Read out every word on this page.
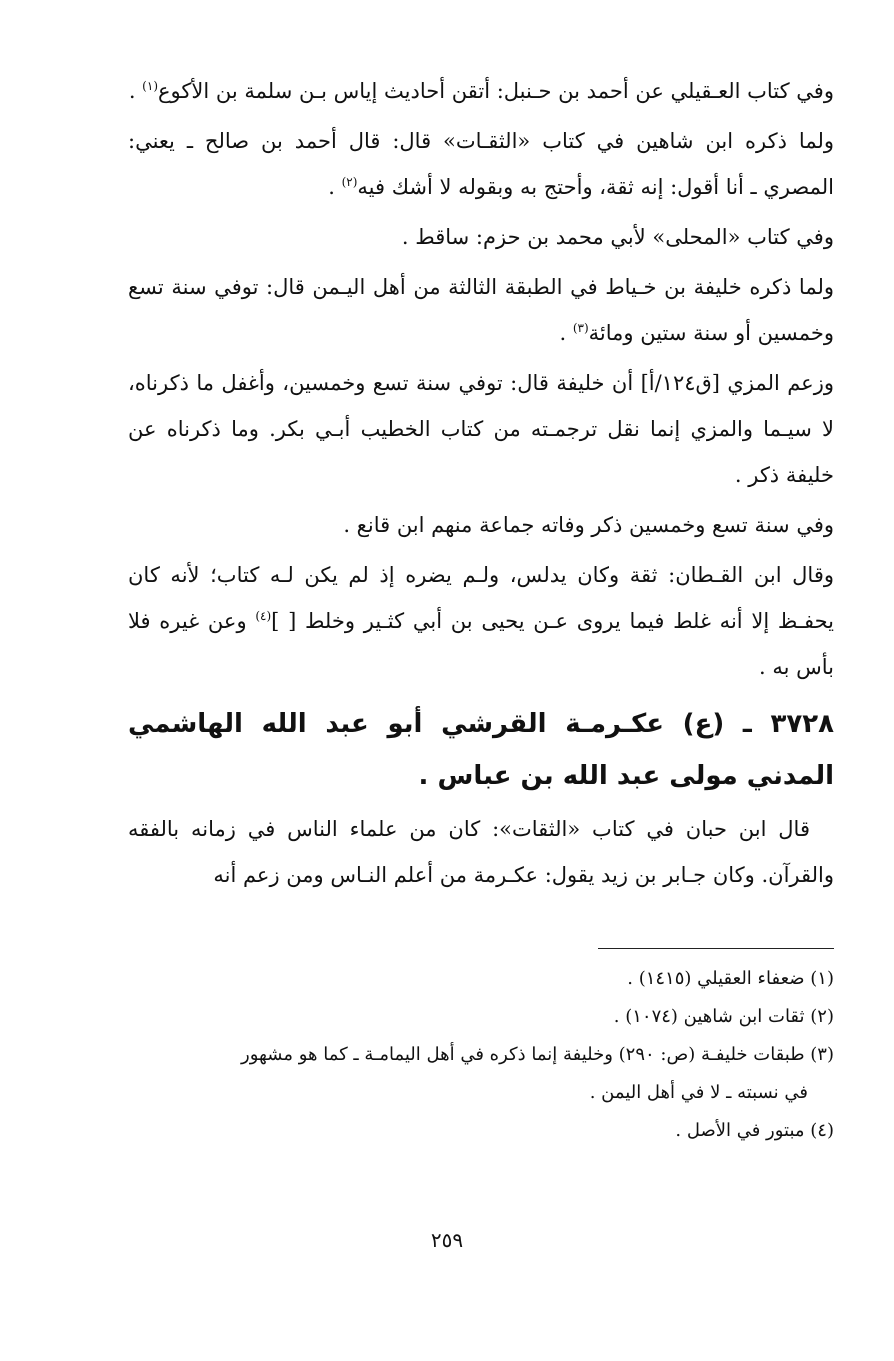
وفي كتاب العـقيلي عن أحمد بن حـنبل: أتقن أحاديث إياس بـن سلمة بن الأكوع$^{(١)}$ .

ولما ذكره ابن شاهين في كتاب «الثقـات» قال: قال أحمد بن صالح ـ يعني: المصري ـ أنا أقول: إنه ثقة، وأحتج به وبقوله لا أشك فيه$^{(٢)}$ .

وفي كتاب «المحلى» لأبي محمد بن حزم: ساقط .

ولما ذكره خليفة بن خـياط في الطبقة الثالثة من أهل اليـمن قال: توفي سنة تسع وخمسين أو سنة ستين ومائة$^{(٣)}$ .

وزعم المزي [ق١٢٤/أ] أن خليفة قال: توفي سنة تسع وخمسين، وأغفل ما ذكرناه، لا سيـما والمزي إنما نقل ترجمـته من كتاب الخطيب أبـي بكر. وما ذكرناه عن خليفة ذكر .

وفي سنة تسع وخمسين ذكر وفاته جماعة منهم ابن قانع .

وقال ابن القـطان: ثقة وكان يدلس، ولـم يضره إذ لم يكن لـه كتاب؛ لأنه كان يحفـظ إلا أنه غلط فيما يروى عـن يحيى بن أبي كثـير وخلط [ ]$^{(٤)}$ وعن غيره فلا بأس به .

٣٧٢٨ ـ (ع) عكـرمـة القرشي أبو عبد الله الهاشمي المدني مولى عبد الله بن عباس .

قال ابن حبان في كتاب «الثقات»: كان من علماء الناس في زمانه بالفقه والقرآن. وكان جـابر بن زيد يقول: عكـرمة من أعلم النـاس ومن زعم أنه

(١) ضعفاء العقيلي (١٤١٥) .

(٢) ثقات ابن شاهين (١٠٧٤) .

(٣) طبقات خليفـة (ص: ٢٩٠) وخليفة إنما ذكره في أهل اليمامـة ـ كما هو مشهور

في نسبته ـ لا في أهل اليمن .

(٤) مبتور في الأصل .

٢٥٩
